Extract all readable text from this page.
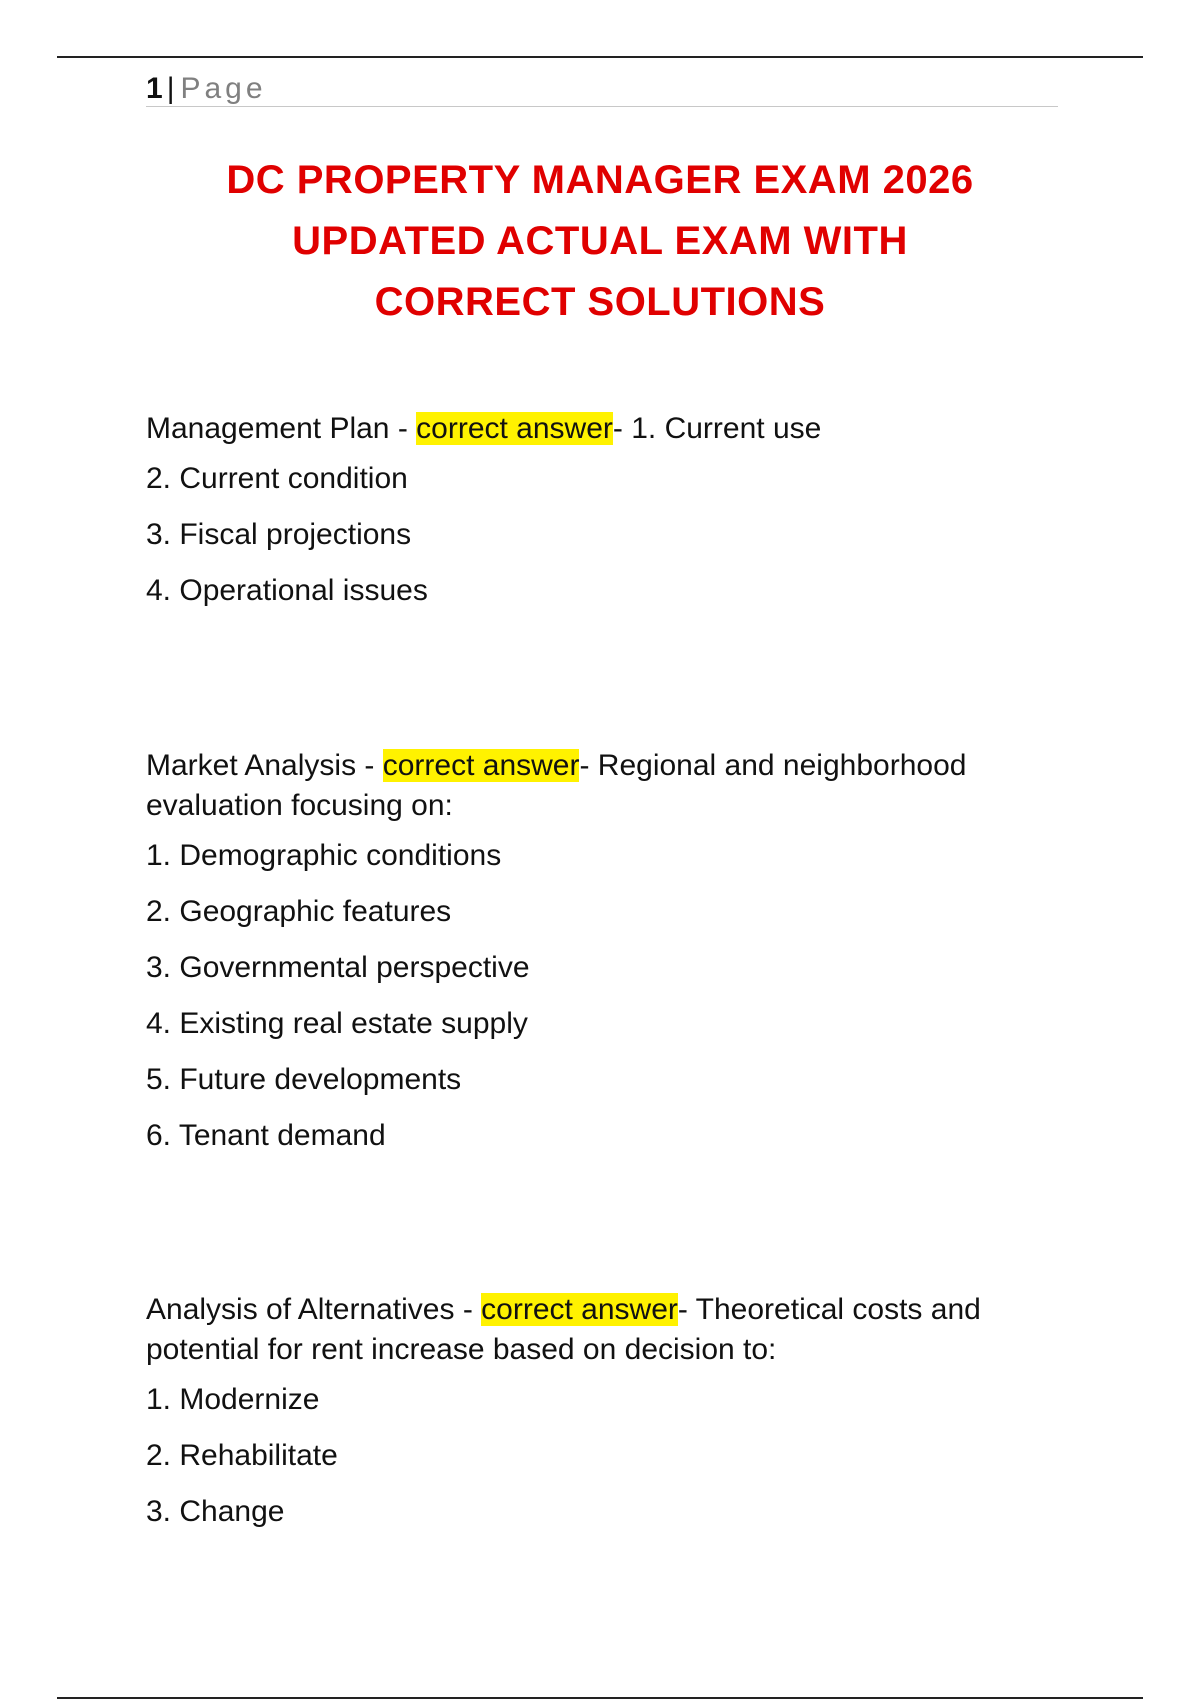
1 | Page
DC PROPERTY MANAGER EXAM 2026
UPDATED ACTUAL EXAM WITH
CORRECT SOLUTIONS

Management Plan - correct answer- 1. Current use

2. Current condition
3. Fiscal projections
4. Operational issues

Market Analysis - correct answer- Regional and neighborhood evaluation focusing on:

1. Demographic conditions
2. Geographic features
3. Governmental perspective
4. Existing real estate supply
5. Future developments
6. Tenant demand

Analysis of Alternatives - correct answer- Theoretical costs and potential for rent increase based on decision to:

1. Modernize
2. Rehabilitate
3. Change
